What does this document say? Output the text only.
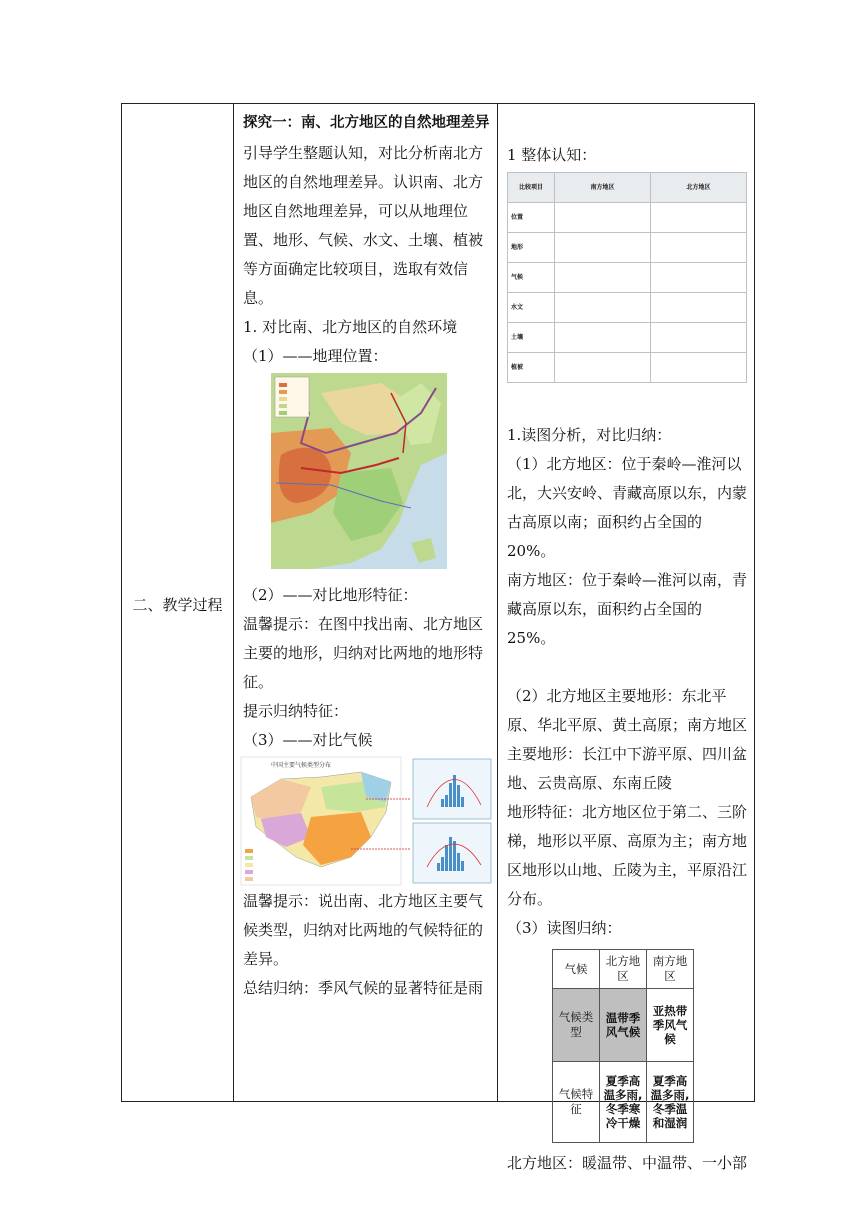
二、教学过程

探究一：南、北方地区的自然地理差异

引导学生整题认知，对比分析南北方地区的自然地理差异。认识南、北方地区自然地理差异，可以从地理位置、地形、气候、水文、土壤、植被等方面确定比较项目，选取有效信息。

1. 对比南、北方地区的自然环境

（1）——地理位置：

（2）——对比地形特征：

温馨提示：在图中找出南、北方地区主要的地形，归纳对比两地的地形特征。

提示归纳特征：

（3）——对比气候

中国主要气候类型分布

温馨提示：说出南、北方地区主要气候类型，归纳对比两地的气候特征的差异。

总结归纳：季风气候的显著特征是雨

1 整体认知：

比较项目	南方地区	北方地区
位置		
地形		
气候		
水文		
土壤		
植被		

1.读图分析，对比归纳：

（1）北方地区：位于秦岭—淮河以北，大兴安岭、青藏高原以东，内蒙古高原以南；面积约占全国的 20%。

南方地区：位于秦岭—淮河以南，青藏高原以东，面积约占全国的 25%。

（2）北方地区主要地形：东北平原、华北平原、黄土高原；南方地区主要地形：长江中下游平原、四川盆地、云贵高原、东南丘陵

地形特征：北方地区位于第二、三阶梯，地形以平原、高原为主；南方地区地形以山地、丘陵为主，平原沿江分布。

（3）读图归纳：

气候	北方地区	南方地区
气候类型	温带季风气候	亚热带季风气候
气候特征	夏季高温多雨,冬季寒冷干燥	夏季高温多雨,冬季温和湿润

北方地区：暖温带、中温带、一小部
